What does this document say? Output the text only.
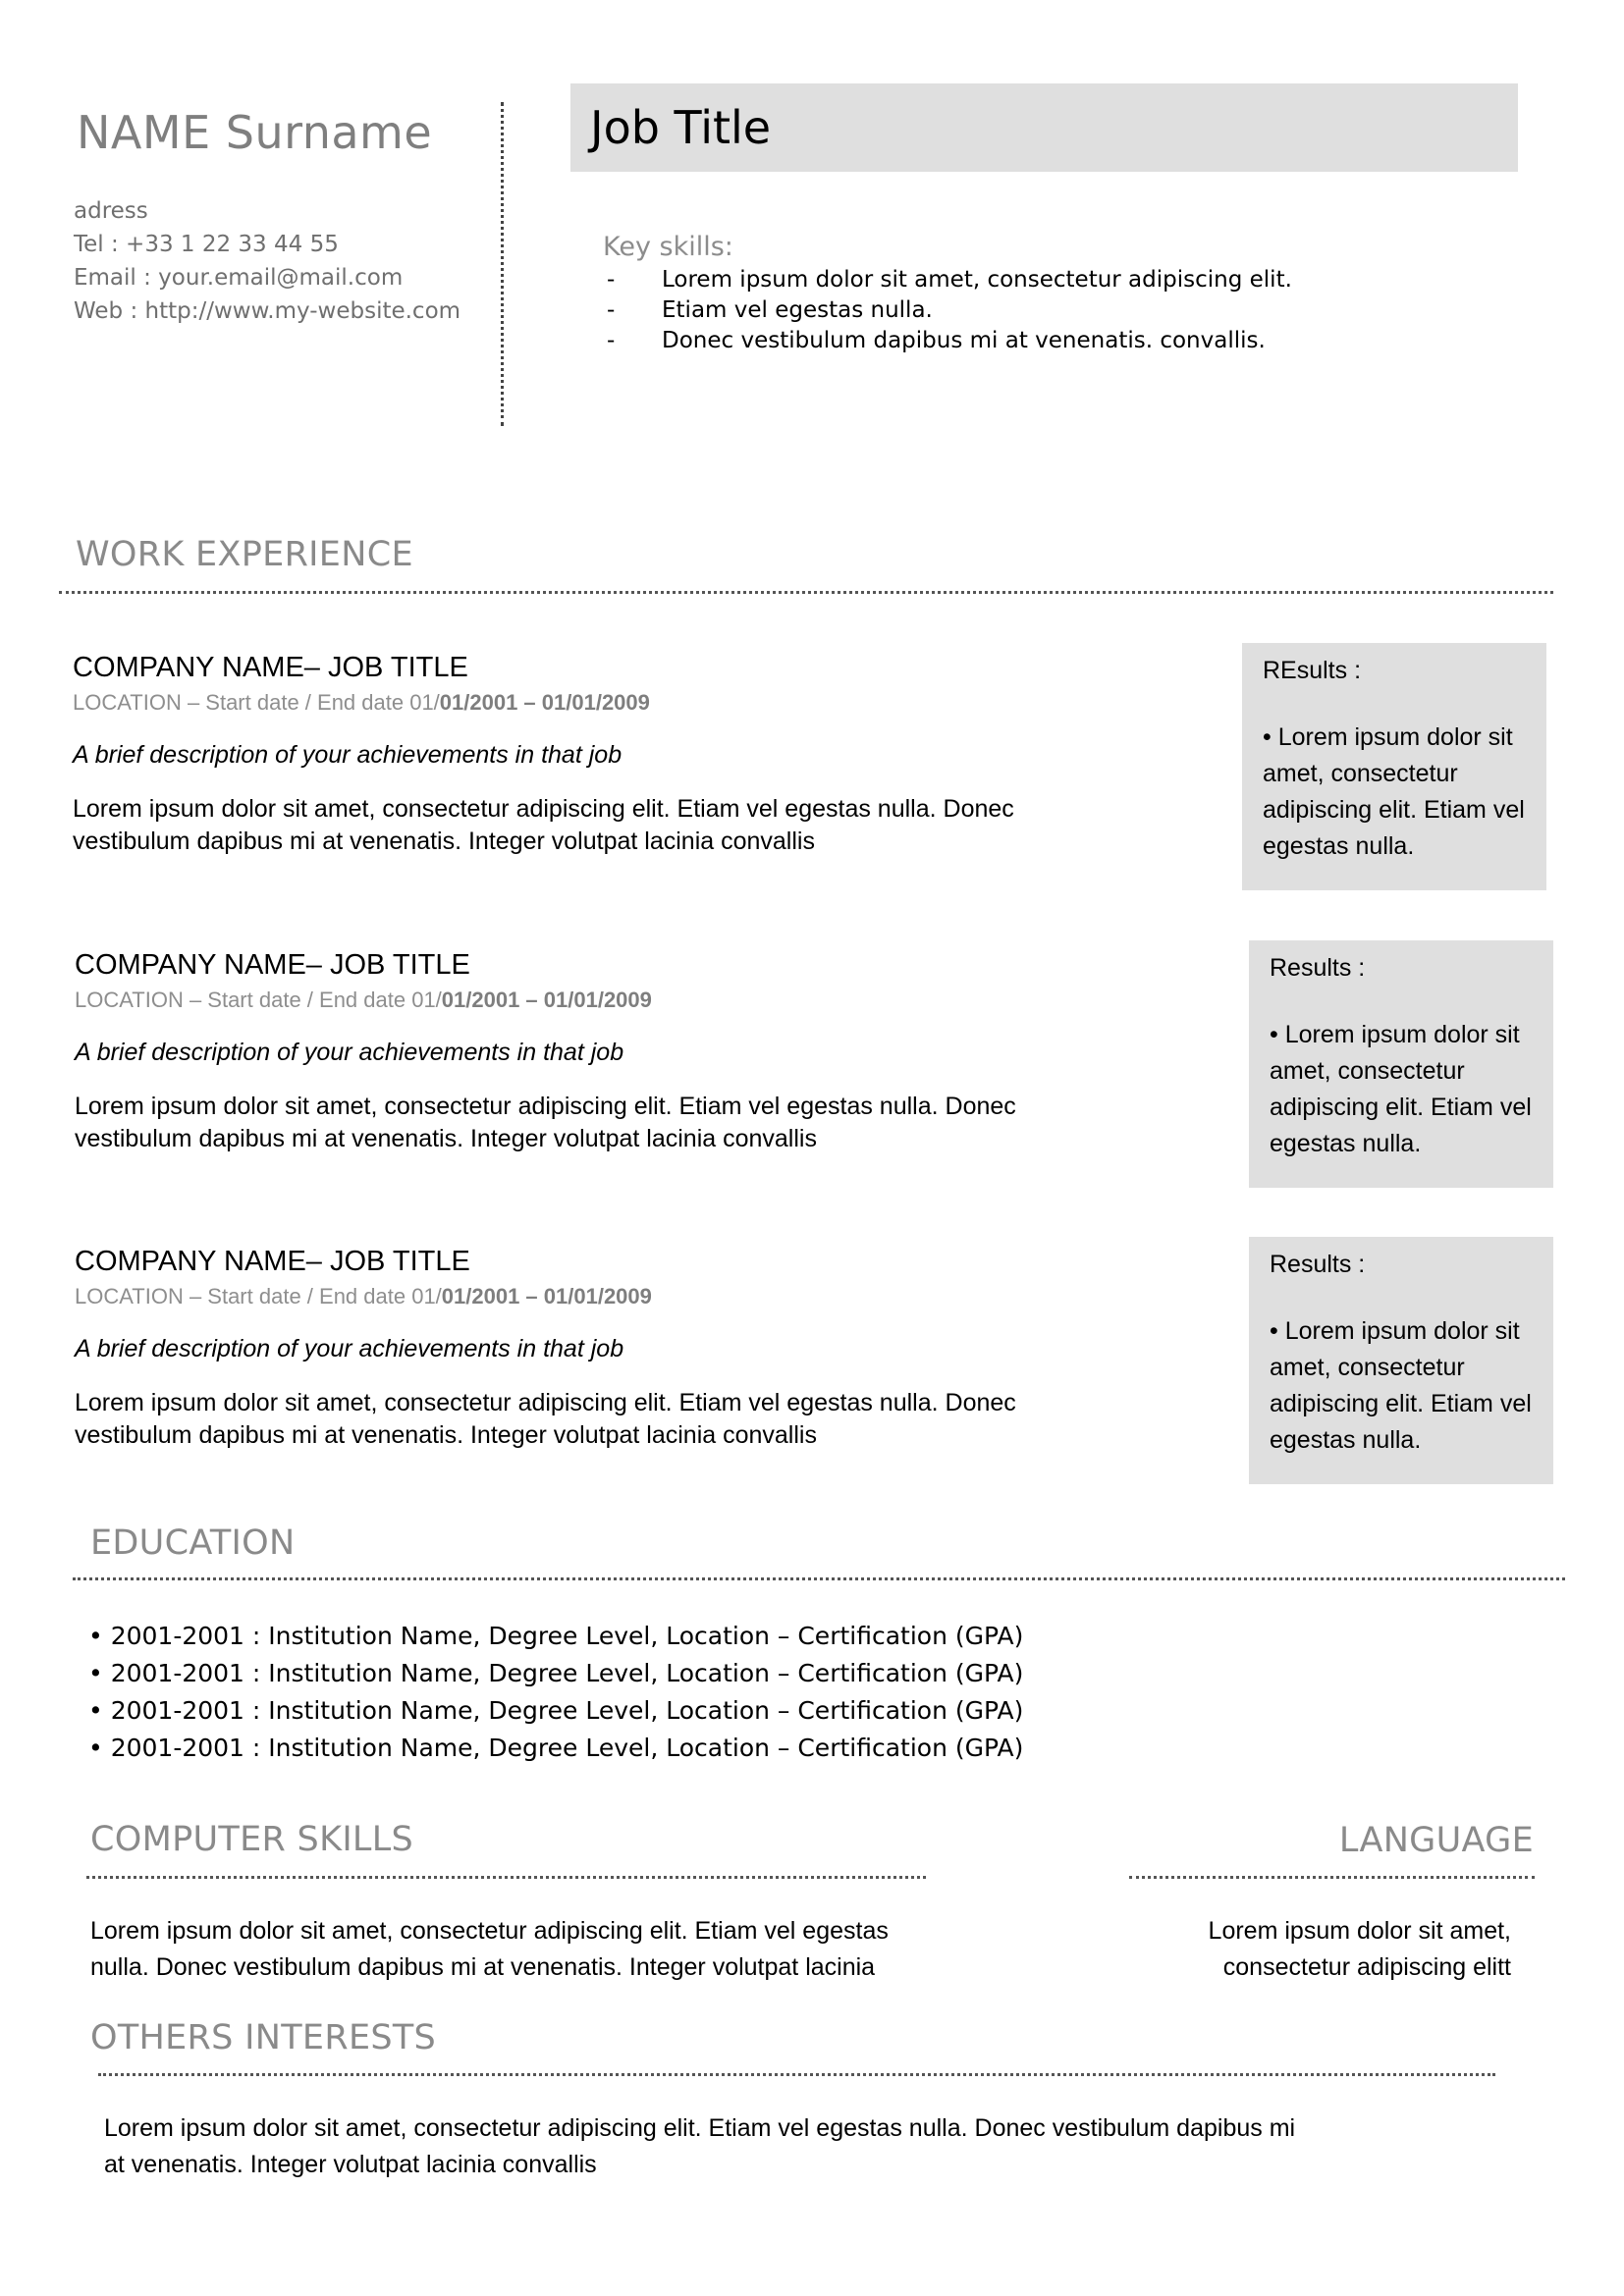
NAME Surname
adress
Tel : +33 1 22 33 44 55
Email : your.email@mail.com
Web : http://www.my-website.com
Job Title
Key skills:
-	Lorem ipsum dolor sit amet, consectetur adipiscing elit.
-	Etiam vel egestas nulla.
-	Donec vestibulum dapibus mi at venenatis. convallis.
WORK EXPERIENCE
COMPANY NAME– JOB TITLE
LOCATION – Start date / End date 01/01/2001 – 01/01/2009
A brief description of your achievements in that job
Lorem ipsum dolor sit amet, consectetur adipiscing elit. Etiam vel egestas nulla. Donec
vestibulum dapibus mi at venenatis. Integer volutpat lacinia convallis
REsults :
• Lorem ipsum dolor sit amet, consectetur adipiscing elit. Etiam vel egestas nulla.
COMPANY NAME– JOB TITLE
LOCATION – Start date / End date 01/01/2001 – 01/01/2009
A brief description of your achievements in that job
Lorem ipsum dolor sit amet, consectetur adipiscing elit. Etiam vel egestas nulla. Donec
vestibulum dapibus mi at venenatis. Integer volutpat lacinia convallis
Results :
• Lorem ipsum dolor sit amet, consectetur adipiscing elit. Etiam vel egestas nulla.
COMPANY NAME– JOB TITLE
LOCATION – Start date / End date 01/01/2001 – 01/01/2009
A brief description of your achievements in that job
Lorem ipsum dolor sit amet, consectetur adipiscing elit. Etiam vel egestas nulla. Donec
vestibulum dapibus mi at venenatis. Integer volutpat lacinia convallis
Results :
• Lorem ipsum dolor sit amet, consectetur adipiscing elit. Etiam vel egestas nulla.
EDUCATION
• 2001-2001 : Institution Name, Degree Level, Location – Certification (GPA)
• 2001-2001 : Institution Name, Degree Level, Location – Certification (GPA)
• 2001-2001 : Institution Name, Degree Level, Location – Certification (GPA)
• 2001-2001 : Institution Name, Degree Level, Location – Certification (GPA)
COMPUTER SKILLS
Lorem ipsum dolor sit amet, consectetur adipiscing elit. Etiam vel egestas
nulla. Donec vestibulum dapibus mi at venenatis. Integer volutpat lacinia
LANGUAGE
Lorem ipsum dolor sit amet,
consectetur adipiscing elitt
OTHERS INTERESTS
Lorem ipsum dolor sit amet, consectetur adipiscing elit. Etiam vel egestas nulla. Donec vestibulum dapibus mi
at venenatis. Integer volutpat lacinia convallis
